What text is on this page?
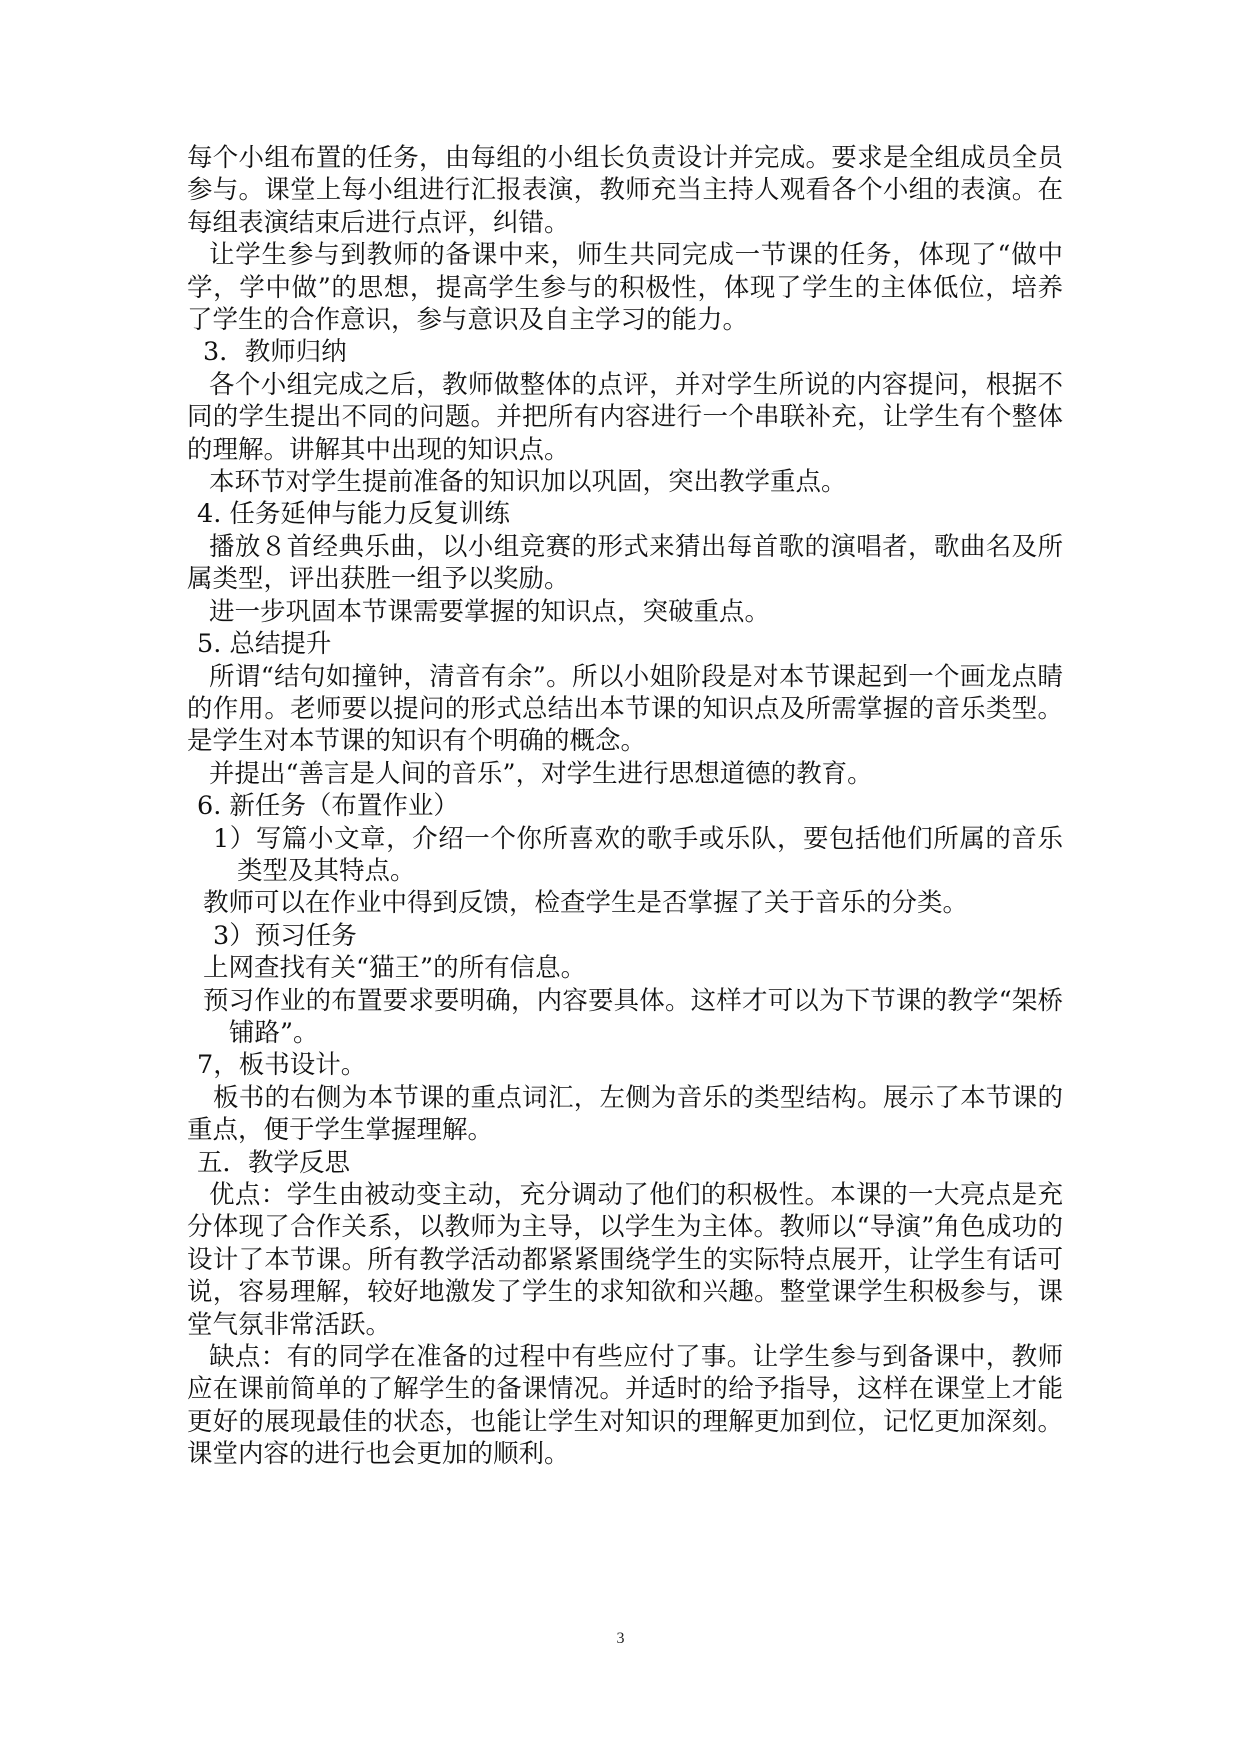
每个小组布置的任务，由每组的小组长负责设计并完成。要求是全组成员全员参与。课堂上每小组进行汇报表演，教师充当主持人观看各个小组的表演。在每组表演结束后进行点评，纠错。

让学生参与到教师的备课中来，师生共同完成一节课的任务，体现了“做中学，学中做”的思想，提高学生参与的积极性，体现了学生的主体低位，培养了学生的合作意识，参与意识及自主学习的能力。

3．教师归纳

各个小组完成之后，教师做整体的点评，并对学生所说的内容提问，根据不同的学生提出不同的问题。并把所有内容进行一个串联补充，让学生有个整体的理解。讲解其中出现的知识点。

本环节对学生提前准备的知识加以巩固，突出教学重点。

4. 任务延伸与能力反复训练

播放８首经典乐曲，以小组竞赛的形式来猜出每首歌的演唱者，歌曲名及所属类型，评出获胜一组予以奖励。

进一步巩固本节课需要掌握的知识点，突破重点。

5. 总结提升

所谓“结句如撞钟，清音有余”。所以小姐阶段是对本节课起到一个画龙点睛的作用。老师要以提问的形式总结出本节课的知识点及所需掌握的音乐类型。是学生对本节课的知识有个明确的概念。

并提出“善言是人间的音乐”，对学生进行思想道德的教育。

6. 新任务（布置作业）

1）写篇小文章，介绍一个你所喜欢的歌手或乐队，要包括他们所属的音乐类型及其特点。

教师可以在作业中得到反馈，检查学生是否掌握了关于音乐的分类。

3）预习任务

上网查找有关“猫王”的所有信息。

预习作业的布置要求要明确，内容要具体。这样才可以为下节课的教学“架桥铺路”。

7，板书设计。

板书的右侧为本节课的重点词汇，左侧为音乐的类型结构。展示了本节课的重点，便于学生掌握理解。

五．教学反思

优点：学生由被动变主动，充分调动了他们的积极性。本课的一大亮点是充分体现了合作关系，以教师为主导，以学生为主体。教师以“导演”角色成功的设计了本节课。所有教学活动都紧紧围绕学生的实际特点展开，让学生有话可说，容易理解，较好地激发了学生的求知欲和兴趣。整堂课学生积极参与，课堂气氛非常活跃。

缺点：有的同学在准备的过程中有些应付了事。让学生参与到备课中，教师应在课前简单的了解学生的备课情况。并适时的给予指导，这样在课堂上才能更好的展现最佳的状态，也能让学生对知识的理解更加到位，记忆更加深刻。课堂内容的进行也会更加的顺利。

3
